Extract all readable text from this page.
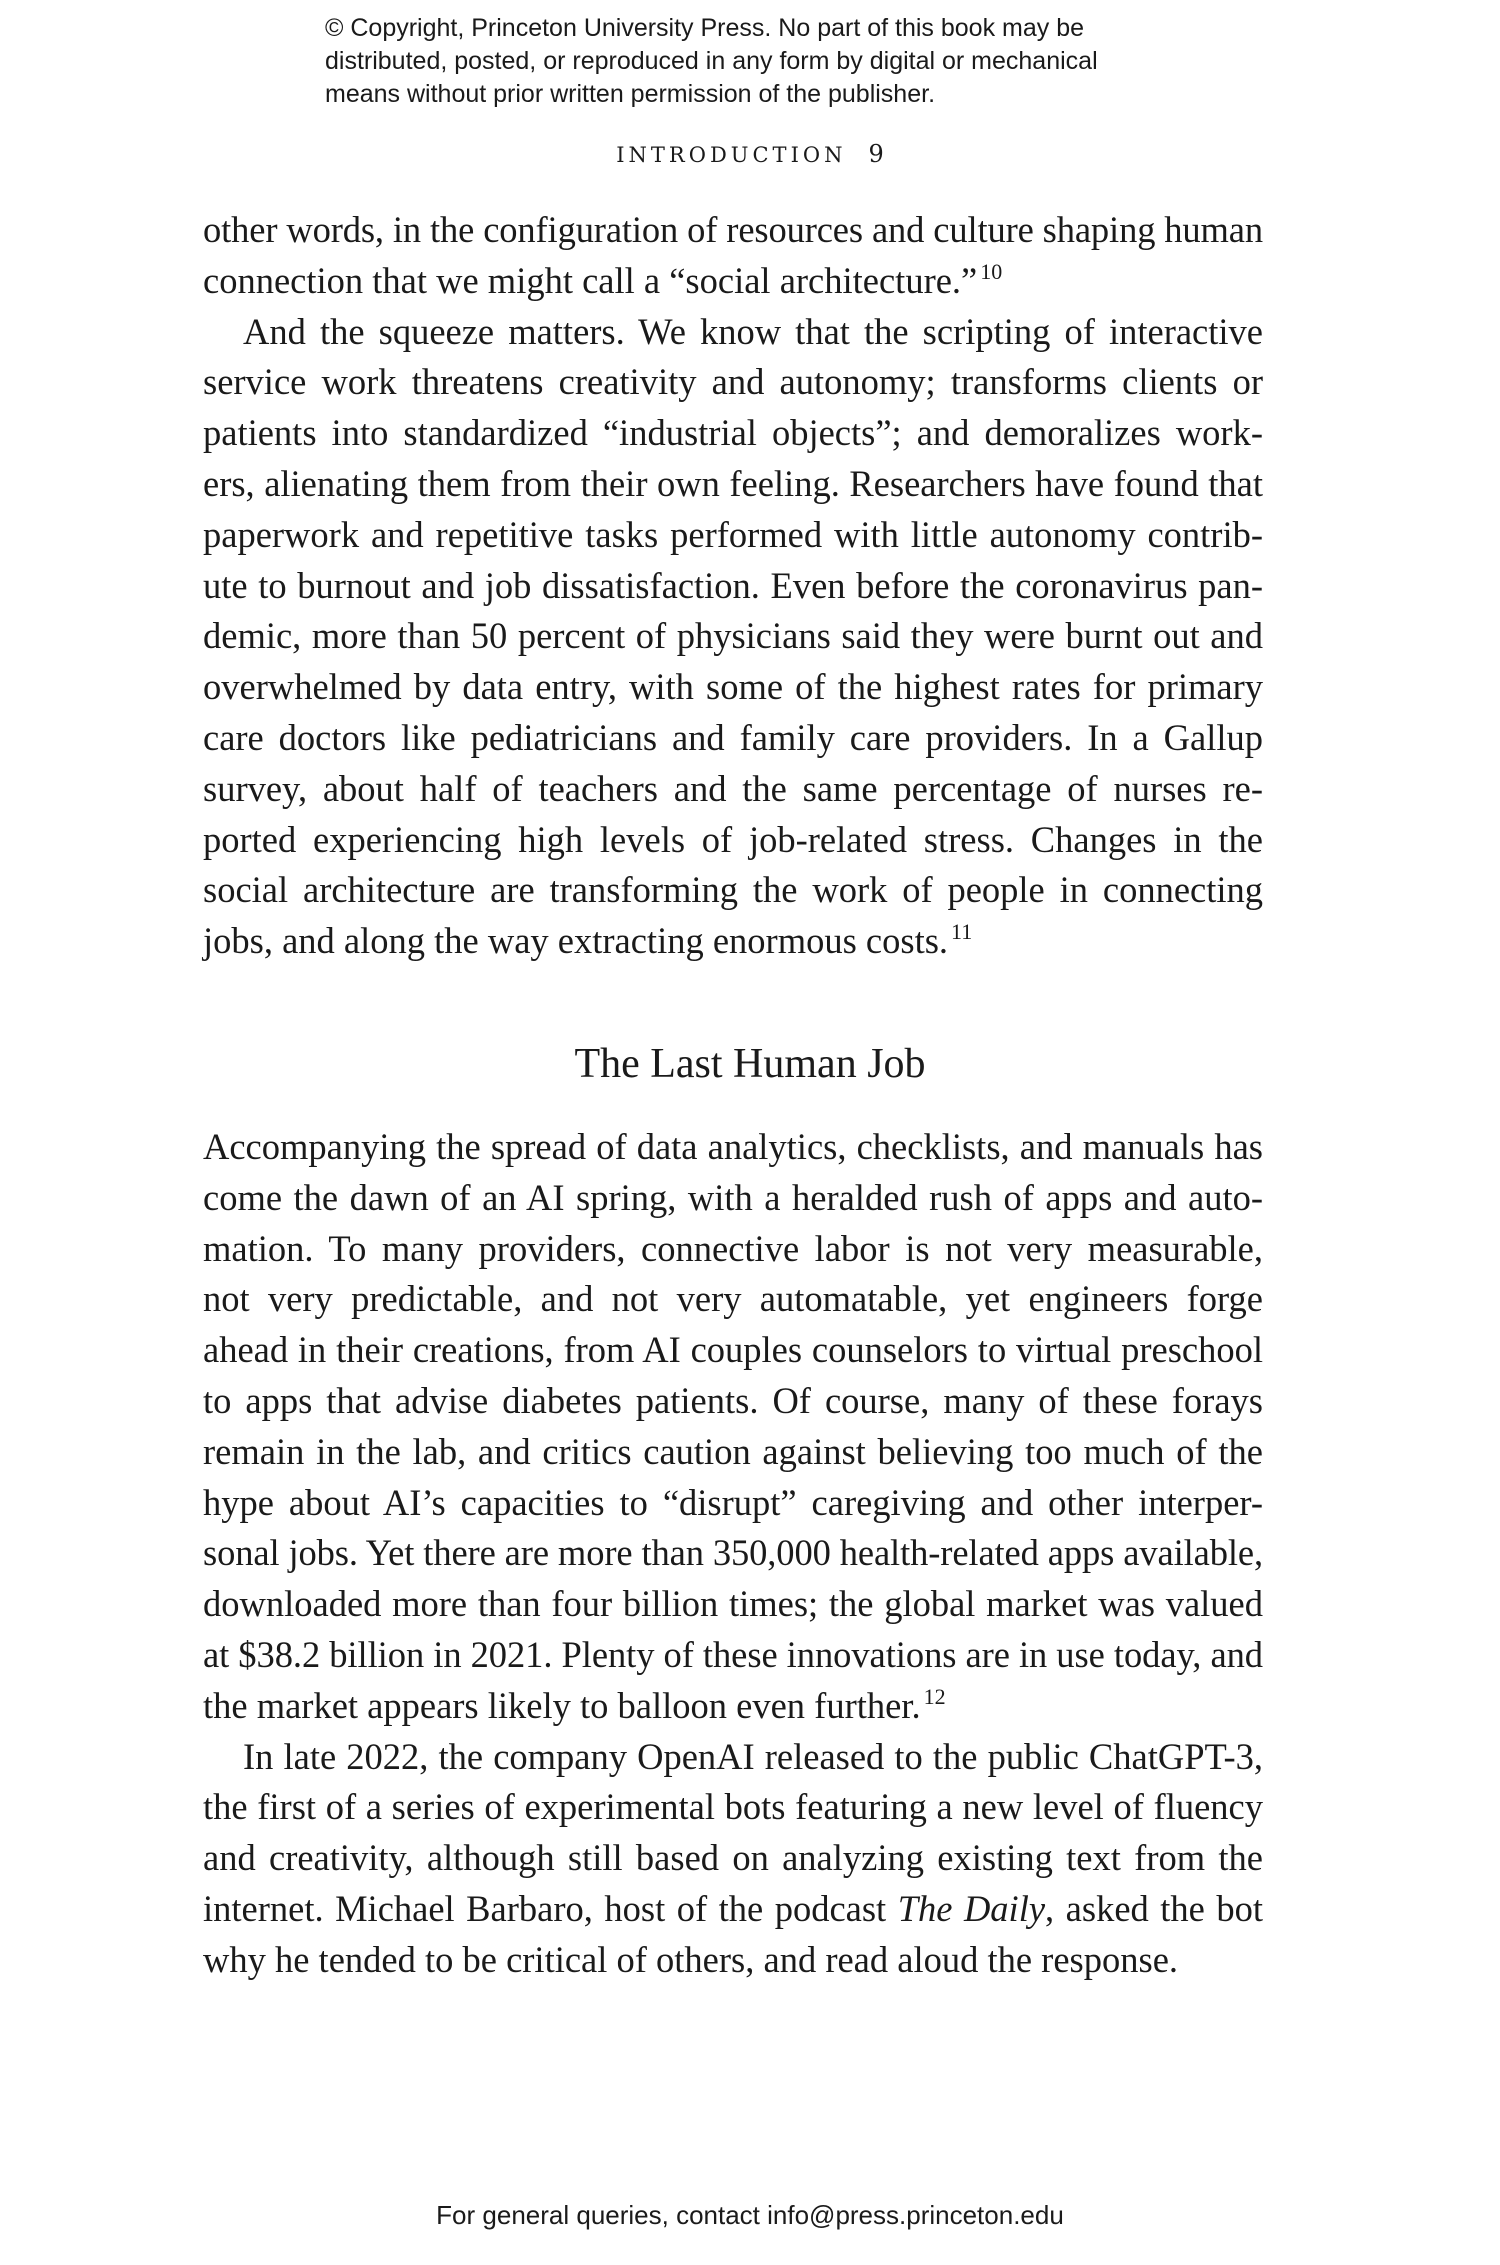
© Copyright, Princeton University Press. No part of this book may be
distributed, posted, or reproduced in any form by digital or mechanical
means without prior written permission of the publisher.
INTRODUCTION 9
other words, in the configuration of resources and culture shaping human
connection that we might call a “social architecture.” $^{10}$
And the squeeze matters. We know that the scripting of interactive
service work threatens creativity and autonomy; transforms clients or
patients into standardized “industrial objects”; and demoralizes work-
ers, alienating them from their own feeling. Researchers have found that
paperwork and repetitive tasks performed with little autonomy contrib-
ute to burnout and job dissatisfaction. Even before the coronavirus pan-
demic, more than 50 percent of physicians said they were burnt out and
overwhelmed by data entry, with some of the highest rates for primary
care doctors like pediatricians and family care providers. In a Gallup
survey, about half of teachers and the same percentage of nurses re-
ported experiencing high levels of job-related stress. Changes in the
social architecture are transforming the work of people in connecting
jobs, and along the way extracting enormous costs. $^{11}$
The Last Human Job
Accompanying the spread of data analytics, checklists, and manuals has
come the dawn of an AI spring, with a heralded rush of apps and auto-
mation. To many providers, connective labor is not very measurable,
not very predictable, and not very automatable, yet engineers forge
ahead in their creations, from AI couples counselors to virtual preschool
to apps that advise diabetes patients. Of course, many of these forays
remain in the lab, and critics caution against believing too much of the
hype about AI’s capacities to “disrupt” caregiving and other interper-
sonal jobs. Yet there are more than 350,000 health-related apps available,
downloaded more than four billion times; the global market was valued
at $38.2 billion in 2021. Plenty of these innovations are in use today, and
the market appears likely to balloon even further. $^{12}$
In late 2022, the company OpenAI released to the public ChatGPT-3,
the first of a series of experimental bots featuring a new level of fluency
and creativity, although still based on analyzing existing text from the
internet. Michael Barbaro, host of the podcast The Daily, asked the bot
why he tended to be critical of others, and read aloud the response.
For general queries, contact info@press.princeton.edu
